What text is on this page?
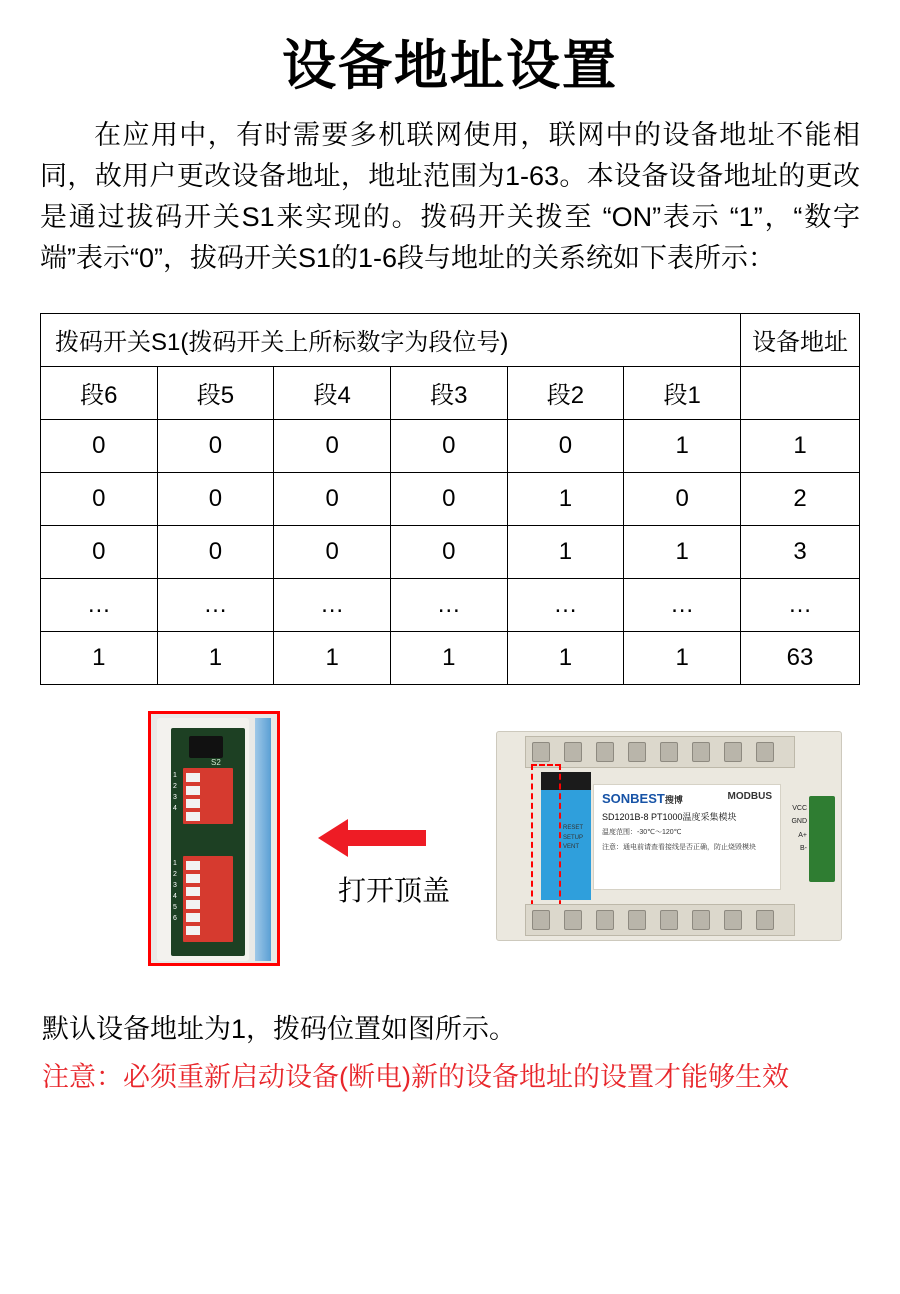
设备地址设置

在应用中，有时需要多机联网使用，联网中的设备地址不能相同，故用户更改设备地址，地址范围为1-63。本设备设备地址的更改是通过拔码开关S1来实现的。拨码开关拨至 “ON”表示 “1”，“数字端”表示“0”，拔码开关S1的1-6段与地址的关系统如下表所示：

拨码开关S1(拨码开关上所标数字为段位号)						设备地址
段6	段5	段4	段3	段2	段1	
0	0	0	0	0	1	1
0	0	0	0	1	0	2
0	0	0	0	1	1	3
…	…	…	…	…	…	…
1	1	1	1	1	1	63
S2
1
2
3
4
1
2
3
4
5
6
打开顶盖
RESET
SETUP
VENT
SONBEST搜博	MODBUS
SD1201B-8 PT1000温度采集模块
温度范围：-30℃～120℃
注意：通电前请查看接线是否正确，防止烧毁模块
VCC
GND
A+
B-

默认设备地址为1，拨码位置如图所示。

注意：必须重新启动设备(断电)新的设备地址的设置才能够生效
